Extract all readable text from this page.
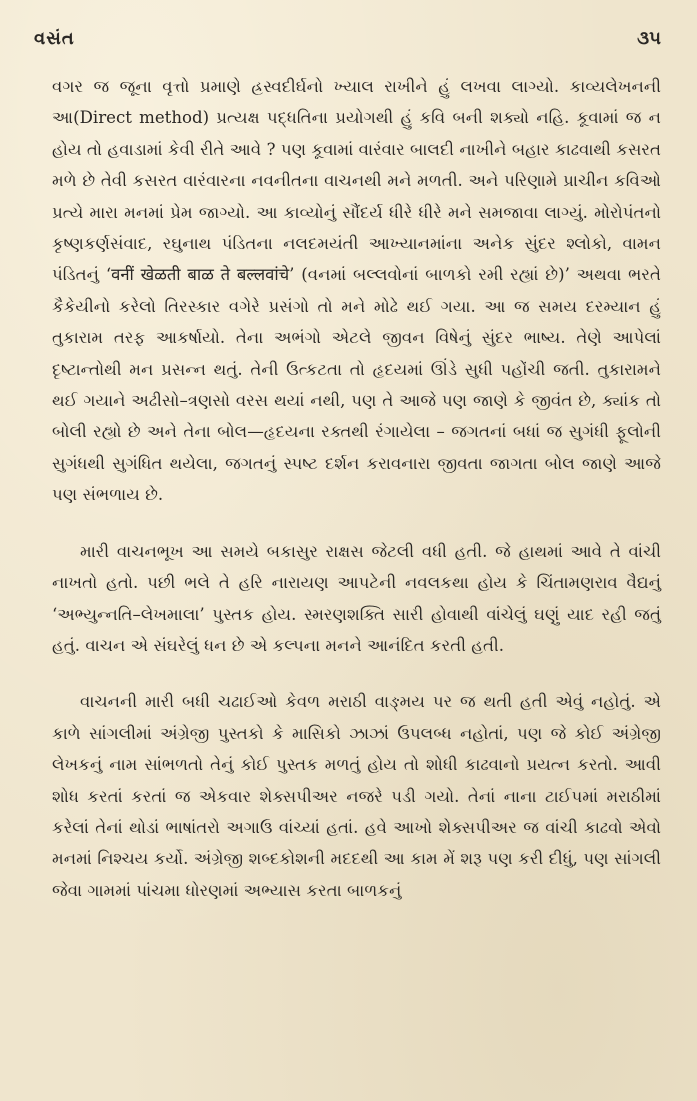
વસંત	૩૫

વગર જ જૂના વૃત્તો પ્રમાણે હ્રસ્વદીર્ઘનો ખ્યાલ રાખીને હું લખવા લાગ્યો. કાવ્યલેખનની આ(Direct method) પ્રત્યક્ષ પદ્ધતિના પ્રયોગથી હું કવિ બની શક્યો નહિ. કૂવામાં જ ન હોય તો હવાડામાં કેવી રીતે આવે ? પણ કૂવામાં વારંવાર બાલદી નાખીને બહાર કાઢવાથી કસરત મળે છે તેવી કસરત વારંવારના નવનીતના વાચનથી મને મળતી. અને પરિણામે પ્રાચીન કવિઓ પ્રત્યે મારા મનમાં પ્રેમ જાગ્યો. આ કાવ્યોનું સૌંદર્ય ધીરે ધીરે મને સમજાવા લાગ્યું. મોરોપંતનો કૃષ્ણકર્ણસંવાદ, રઘુનાથ પંડિતના નલદમયંતી આખ્યાનમાંના અનેક સુંદર શ્લોકો, વામન પંડિતનું ‘वनीं खेळती बाळ ते बल्लवांचे’ (વનમાં બલ્લવોનાં બાળકો રમી રહ્યાં છે)’ અથવા ભરતે કૈકેયીનો કરેલો તિરસ્કાર વગેરે પ્રસંગો તો મને મોઢે થઈ ગયા. આ જ સમય દરમ્યાન હું તુકારામ તરફ આકર્ષાયો. તેના અભંગો એટલે જીવન વિષેનું સુંદર ભાષ્ય. તેણે આપેલાં દૃષ્ટાન્તોથી મન પ્રસન્ન થતું. તેની ઉત્કટતા તો હૃદયમાં ઊંડે સુધી પહોંચી જતી. તુકારામને થઈ ગયાને અઢીસો–ત્રણસો વરસ થયાં નથી, પણ તે આજે પણ જાણે કે જીવંત છે, ક્યાંક તો બોલી રહ્યો છે અને તેના બોલ—હૃદયના રક્તથી રંગાયેલા – જગતનાં બધાં જ સુગંધી ફૂલોની સુગંધથી સુગંધિત થયેલા, જગતનું સ્પષ્ટ દર્શન કરાવનારા જીવતા જાગતા બોલ જાણે આજે પણ સંભળાય છે.

મારી વાચનભૂખ આ સમયે બકાસુર રાક્ષસ જેટલી વધી હતી. જે હાથમાં આવે તે વાંચી નાખતો હતો. પછી ભલે તે હરિ નારાયણ આપટેની નવલકથા હોય કે ચિંતામણરાવ વૈદ્યનું ‘અભ્યુન્નતિ–લેખમાલા’ પુસ્તક હોય. સ્મરણશક્તિ સારી હોવાથી વાંચેલું ઘણું યાદ રહી જતું હતું. વાચન એ સંઘરેલું ધન છે એ કલ્પના મનને આનંદિત કરતી હતી.

વાચનની મારી બધી ચઢાઈઓ કેવળ મરાઠી વાઙ્મય પર જ થતી હતી એવું નહોતું. એ કાળે સાંગલીમાં અંગ્રેજી પુસ્તકો કે માસિકો ઝાઝાં ઉપલબ્ધ નહોતાં, પણ જે કોઈ અંગ્રેજી લેખકનું નામ સાંભળતો તેનું કોઈ પુસ્તક મળતું હોય તો શોધી કાઢવાનો પ્રયત્ન કરતો. આવી શોધ કરતાં કરતાં જ એકવાર શેક્સપીઅર નજરે પડી ગયો. તેનાં નાના ટાઈપમાં મરાઠીમાં કરેલાં તેનાં થોડાં ભાષાંતરો અગાઉ વાંચ્યાં હતાં. હવે આખો શેક્સપીઅર જ વાંચી કાઢવો એવો મનમાં નિશ્ચય કર્યો. અંગ્રેજી શબ્દકોશની મદદથી આ કામ મેં શરૂ પણ કરી દીધું, પણ સાંગલી જેવા ગામમાં પાંચમા ધોરણમાં અભ્યાસ કરતા બાળકનું
